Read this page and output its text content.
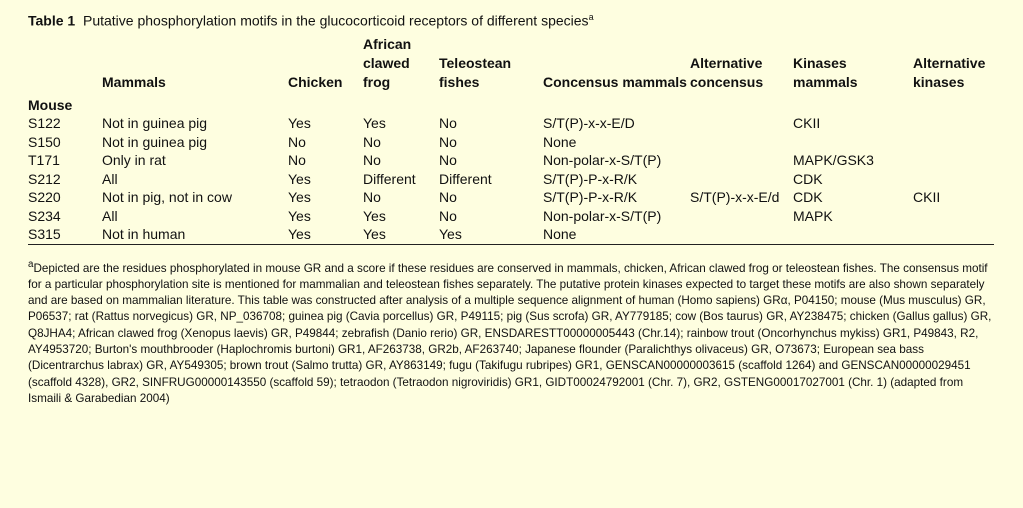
Table 1 Putative phosphorylation motifs in the glucocorticoid receptors of different species$^a$
	Mammals	Chicken	African clawed frog	Teleostean fishes	Concensus mammals	Alternative concensus	Kinases mammals	Alternative kinases
Mouse								
S122	Not in guinea pig	Yes	Yes	No	S/T(P)-x-x-E/D		CKII	
S150	Not in guinea pig	No	No	No	None			
T171	Only in rat	No	No	No	Non-polar-x-S/T(P)		MAPK/GSK3	
S212	All	Yes	Different	Different	S/T(P)-P-x-R/K		CDK	
S220	Not in pig, not in cow	Yes	No	No	S/T(P)-P-x-R/K	S/T(P)-x-x-E/d	CDK	CKII
S234	All	Yes	Yes	No	Non-polar-x-S/T(P)		MAPK	
S315	Not in human	Yes	Yes	Yes	None			
$^a$Depicted are the residues phosphorylated in mouse GR and a score if these residues are conserved in mammals, chicken, African clawed frog or teleostean fishes. The consensus motif for a particular phosphorylation site is mentioned for mammalian and teleostean fishes separately. The putative protein kinases expected to target these motifs are also shown separately and are based on mammalian literature. This table was constructed after analysis of a multiple sequence alignment of human (Homo sapiens) GRα, P04150; mouse (Mus musculus) GR, P06537; rat (Rattus norvegicus) GR, NP_036708; guinea pig (Cavia porcellus) GR, P49115; pig (Sus scrofa) GR, AY779185; cow (Bos taurus) GR, AY238475; chicken (Gallus gallus) GR, Q8JHA4; African clawed frog (Xenopus laevis) GR, P49844; zebrafish (Danio rerio) GR, ENSDARESTT00000005443 (Chr.14); rainbow trout (Oncorhynchus mykiss) GR1, P49843, R2, AY4953720; Burton's mouthbrooder (Haplochromis burtoni) GR1, AF263738, GR2b, AF263740; Japanese flounder (Paralichthys olivaceus) GR, O73673; European sea bass (Dicentrarchus labrax) GR, AY549305; brown trout (Salmo trutta) GR, AY863149; fugu (Takifugu rubripes) GR1, GENSCAN00000003615 (scaffold 1264) and GENSCAN00000029451 (scaffold 4328), GR2, SINFRUG00000143550 (scaffold 59); tetraodon (Tetraodon nigroviridis) GR1, GIDT00024792001 (Chr. 7), GR2, GSTENG00017027001 (Chr. 1) (adapted from Ismaili & Garabedian 2004)
